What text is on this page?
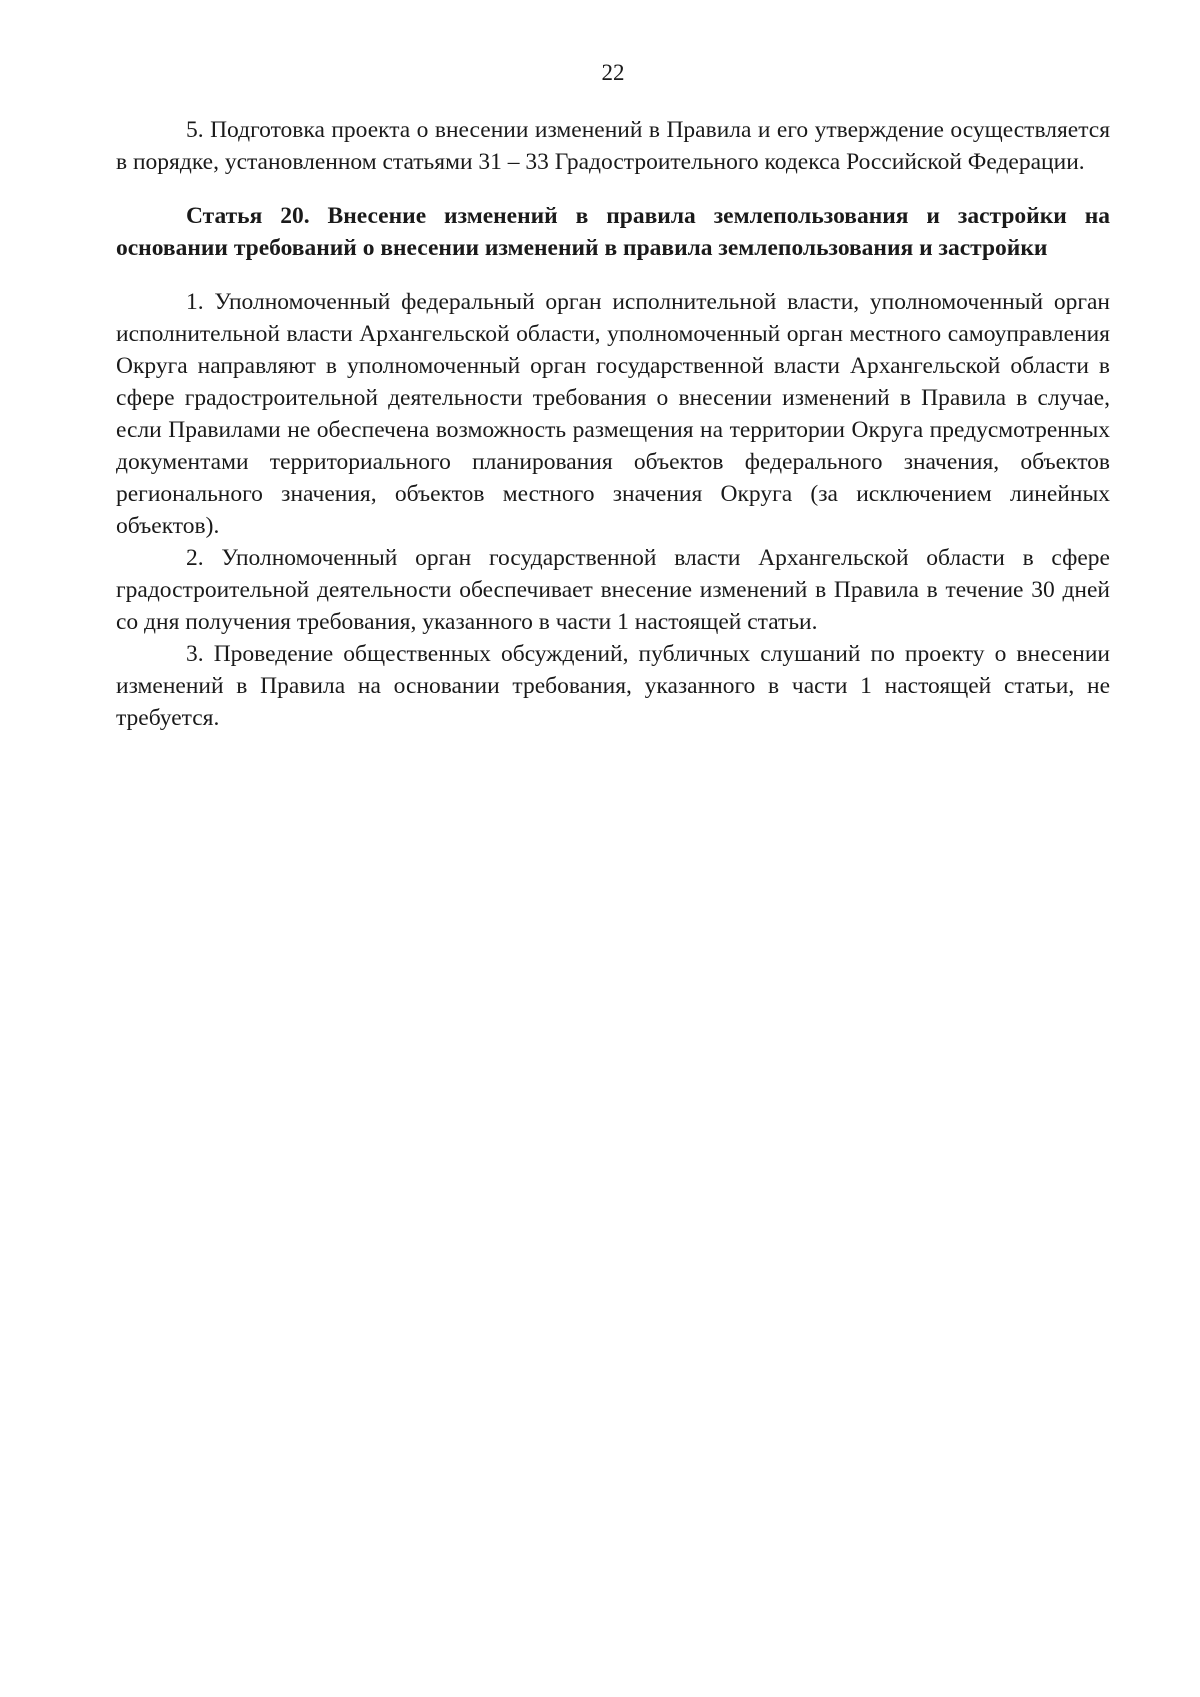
22

5. Подготовка проекта о внесении изменений в Правила и его утверждение осуществляется в порядке, установленном статьями 31 – 33 Градостроительного кодекса Российской Федерации.

Статья 20. Внесение изменений в правила землепользования и застройки на основании требований о внесении изменений в правила землепользования и застройки

1. Уполномоченный федеральный орган исполнительной власти, уполномоченный орган исполнительной власти Архангельской области, уполномоченный орган местного самоуправления Округа направляют в уполномоченный орган государственной власти Архангельской области в сфере градостроительной деятельности требования о внесении изменений в Правила в случае, если Правилами не обеспечена возможность размещения на территории Округа предусмотренных документами территориального планирования объектов федерального значения, объектов регионального значения, объектов местного значения Округа (за исключением линейных объектов).

2. Уполномоченный орган государственной власти Архангельской области в сфере градостроительной деятельности обеспечивает внесение изменений в Правила в течение 30 дней со дня получения требования, указанного в части 1 настоящей статьи.

3. Проведение общественных обсуждений, публичных слушаний по проекту о внесении изменений в Правила на основании требования, указанного в части 1 настоящей статьи, не требуется.
